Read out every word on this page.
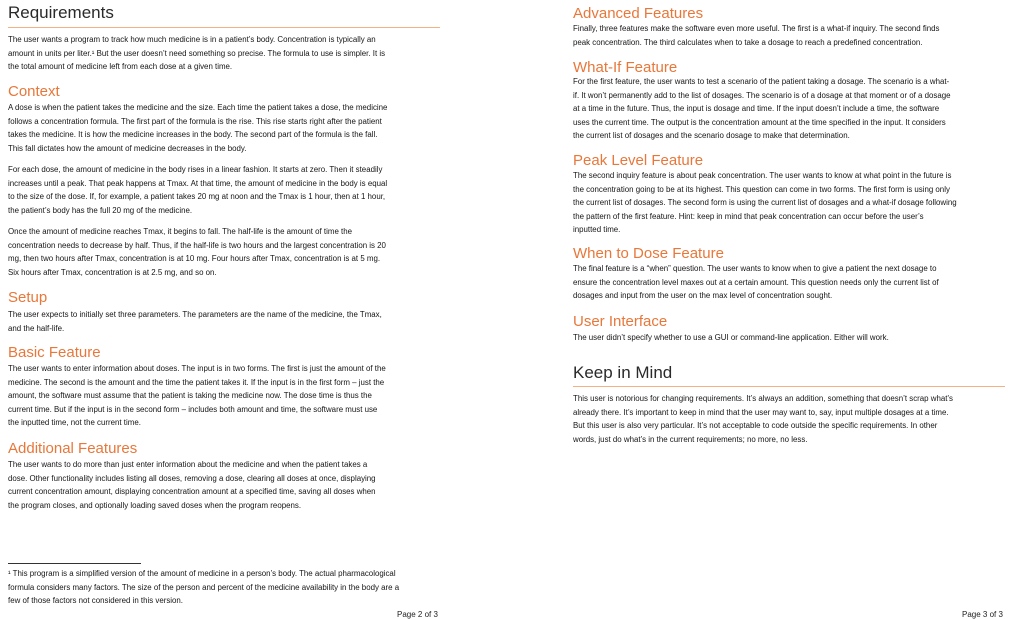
Requirements
The user wants a program to track how much medicine is in a patient’s body. Concentration is typically an
amount in units per liter.¹ But the user doesn’t need something so precise. The formula to use is simpler. It is
the total amount of medicine left from each dose at a given time.
Context
A dose is when the patient takes the medicine and the size. Each time the patient takes a dose, the medicine
follows a concentration formula. The first part of the formula is the rise. This rise starts right after the patient
takes the medicine. It is how the medicine increases in the body. The second part of the formula is the fall.
This fall dictates how the amount of medicine decreases in the body.
For each dose, the amount of medicine in the body rises in a linear fashion. It starts at zero. Then it steadily
increases until a peak. That peak happens at Tmax. At that time, the amount of medicine in the body is equal
to the size of the dose. If, for example, a patient takes 20 mg at noon and the Tmax is 1 hour, then at 1 hour,
the patient’s body has the full 20 mg of the medicine.
Once the amount of medicine reaches Tmax, it begins to fall. The half-life is the amount of time the
concentration needs to decrease by half. Thus, if the half-life is two hours and the largest concentration is 20
mg, then two hours after Tmax, concentration is at 10 mg. Four hours after Tmax, concentration is at 5 mg.
Six hours after Tmax, concentration is at 2.5 mg, and so on.
Setup
The user expects to initially set three parameters. The parameters are the name of the medicine, the Tmax,
and the half-life.
Basic Feature
The user wants to enter information about doses. The input is in two forms. The first is just the amount of the
medicine. The second is the amount and the time the patient takes it. If the input is in the first form – just the
amount, the software must assume that the patient is taking the medicine now. The dose time is thus the
current time. But if the input is in the second form – includes both amount and time, the software must use
the inputted time, not the current time.
Additional Features
The user wants to do more than just enter information about the medicine and when the patient takes a
dose. Other functionality includes listing all doses, removing a dose, clearing all doses at once, displaying
current concentration amount, displaying concentration amount at a specified time, saving all doses when
the program closes, and optionally loading saved doses when the program reopens.
¹ This program is a simplified version of the amount of medicine in a person’s body. The actual pharmacological
formula considers many factors. The size of the person and percent of the medicine availability in the body are a
few of those factors not considered in this version.
Page 2 of 3
Advanced Features
Finally, three features make the software even more useful. The first is a what-if inquiry. The second finds
peak concentration. The third calculates when to take a dosage to reach a predefined concentration.
What-If Feature
For the first feature, the user wants to test a scenario of the patient taking a dosage. The scenario is a what-
if. It won’t permanently add to the list of dosages. The scenario is of a dosage at that moment or of a dosage
at a time in the future. Thus, the input is dosage and time. If the input doesn’t include a time, the software
uses the current time. The output is the concentration amount at the time specified in the input. It considers
the current list of dosages and the scenario dosage to make that determination.
Peak Level Feature
The second inquiry feature is about peak concentration. The user wants to know at what point in the future is
the concentration going to be at its highest. This question can come in two forms. The first form is using only
the current list of dosages. The second form is using the current list of dosages and a what-if dosage following
the pattern of the first feature. Hint: keep in mind that peak concentration can occur before the user’s
inputted time.
When to Dose Feature
The final feature is a “when” question. The user wants to know when to give a patient the next dosage to
ensure the concentration level maxes out at a certain amount. This question needs only the current list of
dosages and input from the user on the max level of concentration sought.
User Interface
The user didn’t specify whether to use a GUI or command-line application. Either will work.
Keep in Mind
This user is notorious for changing requirements. It’s always an addition, something that doesn’t scrap what’s
already there. It’s important to keep in mind that the user may want to, say, input multiple dosages at a time.
But this user is also very particular. It’s not acceptable to code outside the specific requirements. In other
words, just do what’s in the current requirements; no more, no less.
Page 3 of 3
